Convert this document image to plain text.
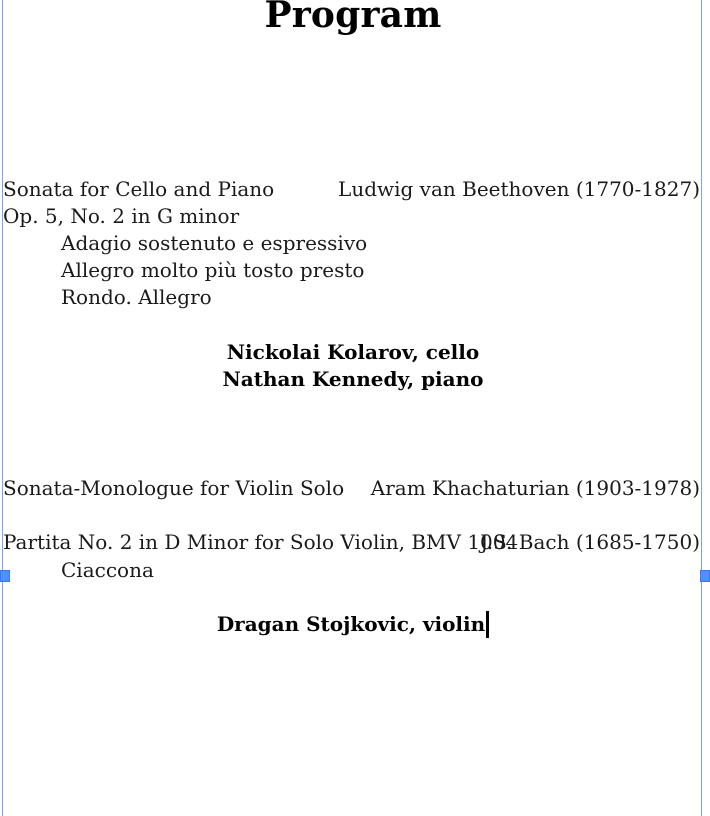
Program
Sonata for Cello and Piano	Ludwig van Beethoven (1770-1827)
Op. 5, No. 2 in G minor
Adagio sostenuto e espressivo
Allegro molto più tosto presto
Rondo. Allegro
Nickolai Kolarov, cello
Nathan Kennedy, piano
Sonata-Monologue for Violin Solo Aram Khachaturian (1903-1978)
Partita No. 2 in D Minor for Solo Violin, BMV 1004
J.S. Bach (1685-1750)
Ciaccona
Dragan Stojkovic, violin
